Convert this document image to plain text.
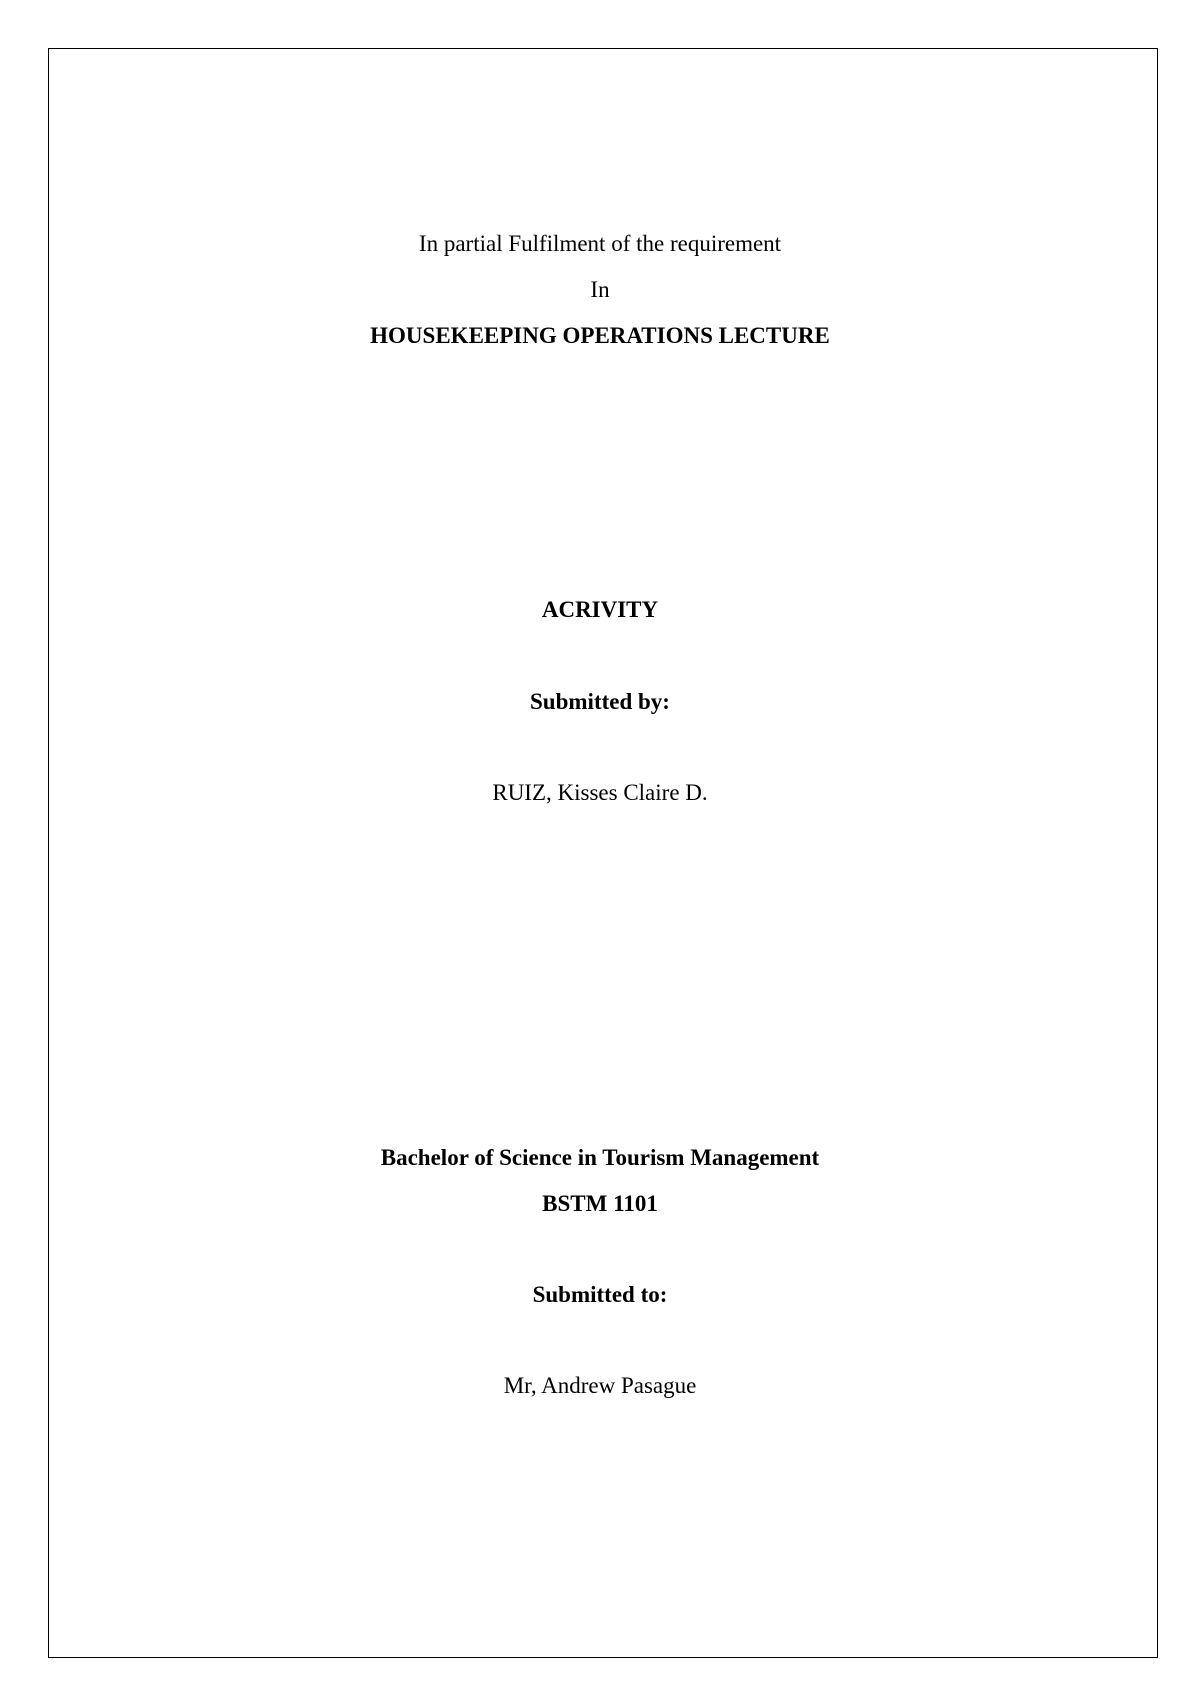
In partial Fulfilment of the requirement
In
HOUSEKEEPING OPERATIONS LECTURE
ACRIVITY
Submitted by:
RUIZ, Kisses Claire D.
Bachelor of Science in Tourism Management
BSTM 1101
Submitted to:
Mr, Andrew Pasague
